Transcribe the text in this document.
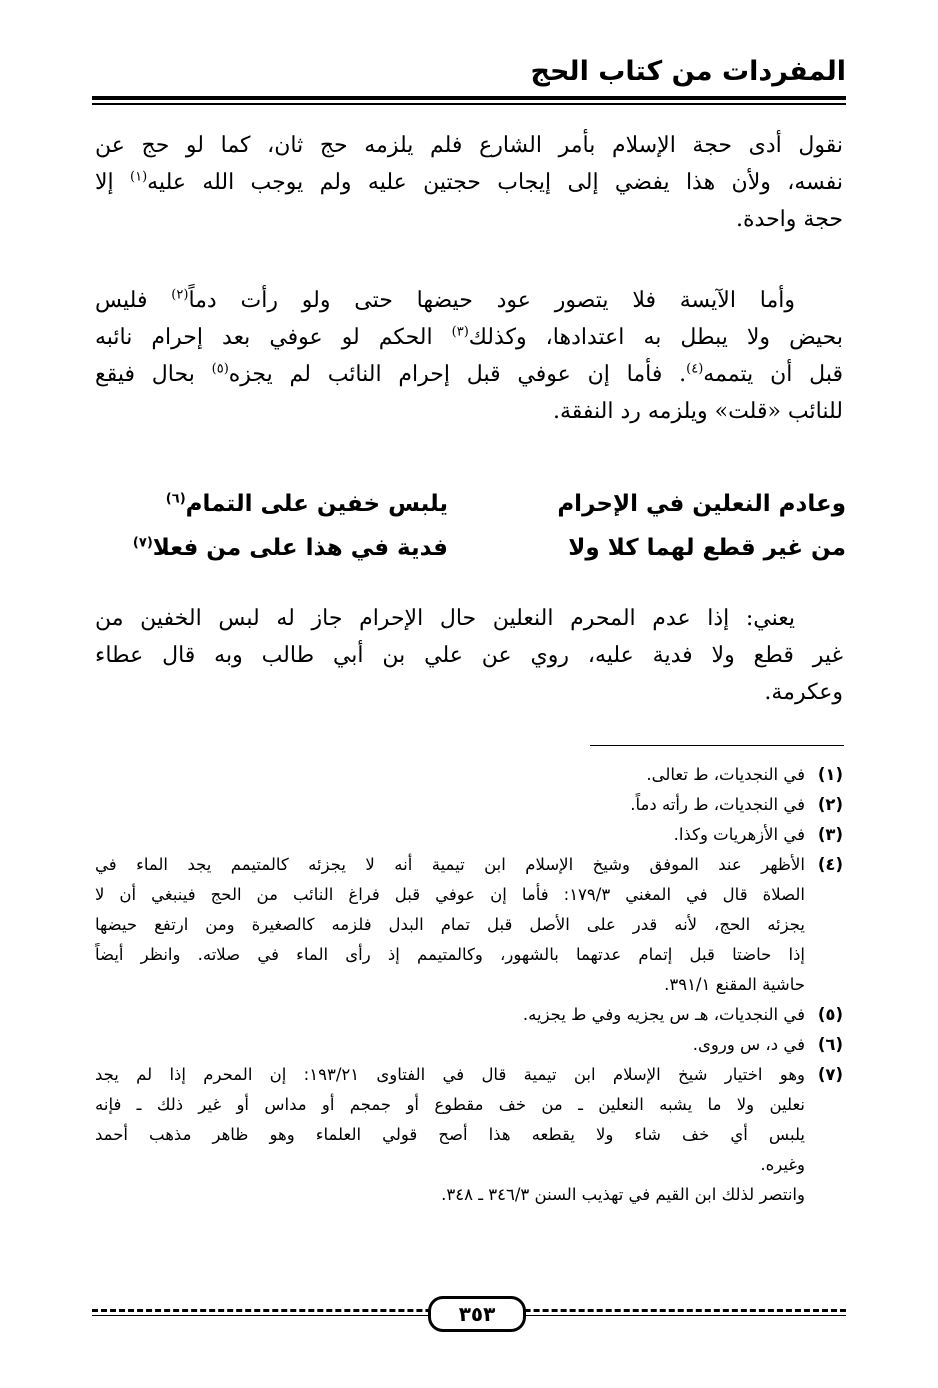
المفردات من كتاب الحج
نقول أدى حجة الإسلام بأمر الشارع فلم يلزمه حج ثان، كما لو حج عن
نفسه، ولأن هذا يفضي إلى إيجاب حجتين عليه ولم يوجب الله عليه$^{(١)}$ إلا
حجة واحدة.
وأما الآيسة فلا يتصور عود حيضها حتى ولو رأت دماً$^{(٢)}$ فليس
بحيض ولا يبطل به اعتدادها، وكذلك$^{(٣)}$ الحكم لو عوفي بعد إحرام نائبه
قبل أن يتممه$^{(٤)}$. فأما إن عوفي قبل إحرام النائب لم يجزه$^{(٥)}$ بحال فيقع
للنائب «قلت» ويلزمه رد النفقة.
وعادم النعلين في الإحرام
يلبس خفين على التمام$^{(٦)}$
من غير قطع لهما كلا ولا
فدية في هذا على من فعلا$^{(٧)}$
يعني: إذا عدم المحرم النعلين حال الإحرام جاز له لبس الخفين من
غير قطع ولا فدية عليه، روي عن علي بن أبي طالب وبه قال عطاء
وعكرمة.
(١)
في النجديات، ط تعالى.
(٢)
في النجديات، ط رأته دماً.
(٣)
في الأزهريات وكذا.
(٤)
الأظهر عند الموفق وشيخ الإسلام ابن تيمية أنه لا يجزئه كالمتيمم يجد الماء في
الصلاة قال في المغني ١٧٩/٣: فأما إن عوفي قبل فراغ النائب من الحج فينبغي أن لا
يجزئه الحج، لأنه قدر على الأصل قبل تمام البدل فلزمه كالصغيرة ومن ارتفع حيضها
إذا حاضتا قبل إتمام عدتهما بالشهور، وكالمتيمم إذ رأى الماء في صلاته. وانظر أيضاً
حاشية المقنع ٣٩١/١.
(٥)
في النجديات، هـ س يجزيه وفي ط يجزيه.
(٦)
في د، س وروى.
(٧)
وهو اختيار شيخ الإسلام ابن تيمية قال في الفتاوى ١٩٣/٢١: إن المحرم إذا لم يجد
نعلين ولا ما يشبه النعلين ـ من خف مقطوع أو جمجم أو مداس أو غير ذلك ـ فإنه
يلبس أي خف شاء ولا يقطعه هذا أصح قولي العلماء وهو ظاهر مذهب أحمد
وغيره.
وانتصر لذلك ابن القيم في تهذيب السنن ٣٤٦/٣ ـ ٣٤٨.
٣٥٣
